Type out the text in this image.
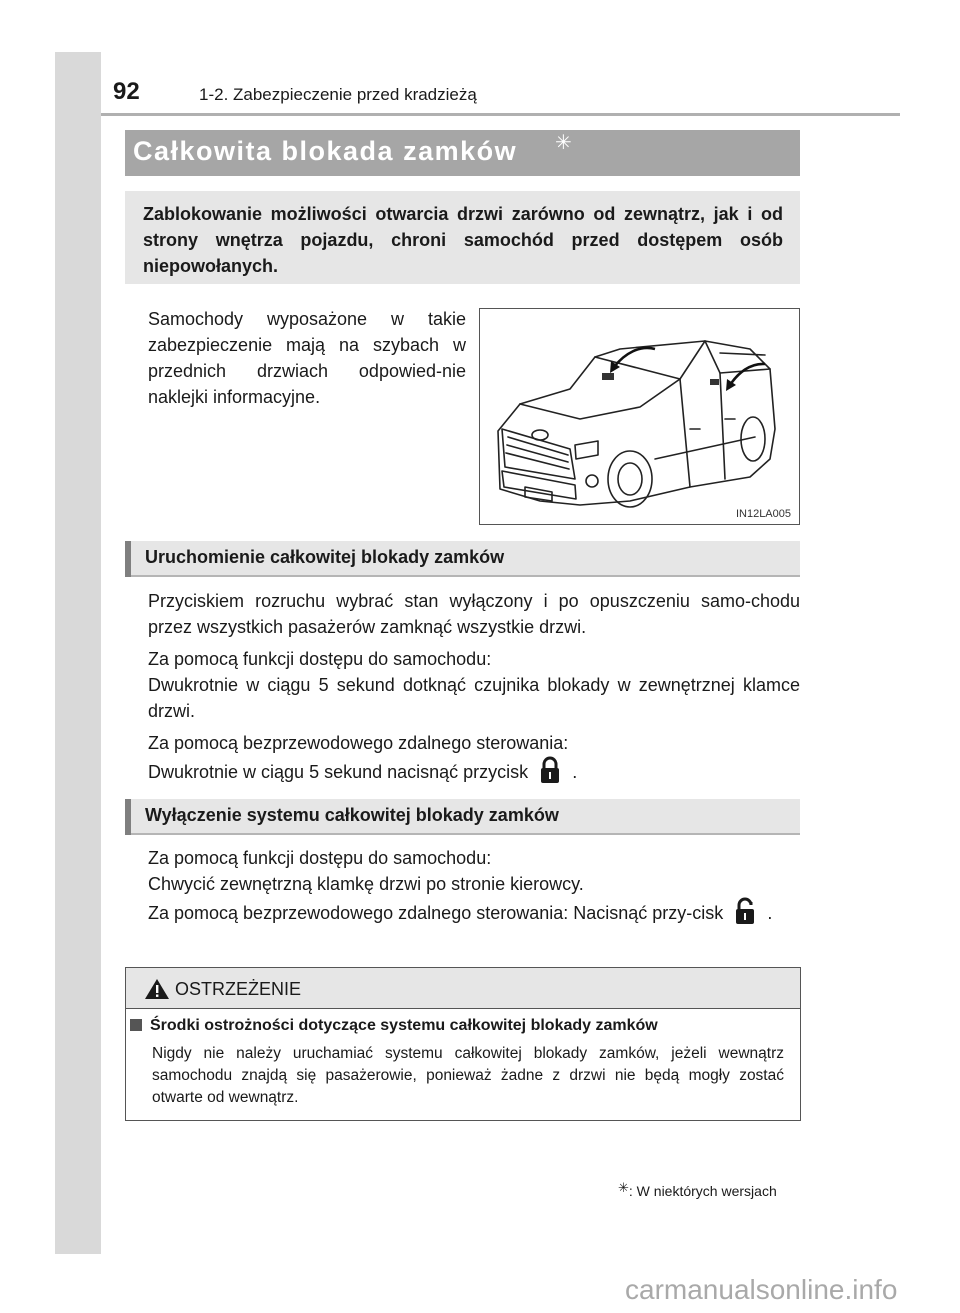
92	1-2. Zabezpieczenie przed kradzieżą
Całkowita blokada zamków ✳
Zablokowanie możliwości otwarcia drzwi zarówno od zewnątrz, jak i od strony wnętrza pojazdu, chroni samochód przed dostępem osób niepowołanych.
Samochody wyposażone w takie zabezpieczenie mają na szybach w przednich drzwiach odpowied-nie naklejki informacyjne.
IN12LA005
Uruchomienie całkowitej blokady zamków
Przyciskiem rozruchu wybrać stan wyłączony i po opuszczeniu samo-chodu przez wszystkich pasażerów zamknąć wszystkie drzwi.
Za pomocą funkcji dostępu do samochodu:
Dwukrotnie w ciągu 5 sekund dotknąć czujnika blokady w zewnętrznej klamce drzwi.
Za pomocą bezprzewodowego zdalnego sterowania:
Dwukrotnie w ciągu 5 sekund nacisnąć przycisk .
Wyłączenie systemu całkowitej blokady zamków
Za pomocą funkcji dostępu do samochodu:
Chwycić zewnętrzną klamkę drzwi po stronie kierowcy.
Za pomocą bezprzewodowego zdalnego sterowania: Nacisnąć przy-cisk .
OSTRZEŻENIE
Środki ostrożności dotyczące systemu całkowitej blokady zamków
Nigdy nie należy uruchamiać systemu całkowitej blokady zamków, jeżeli wewnątrz samochodu znajdą się pasażerowie, ponieważ żadne z drzwi nie będą mogły zostać otwarte od wewnątrz.
✳: W niektórych wersjach
carmanualsonline.info
